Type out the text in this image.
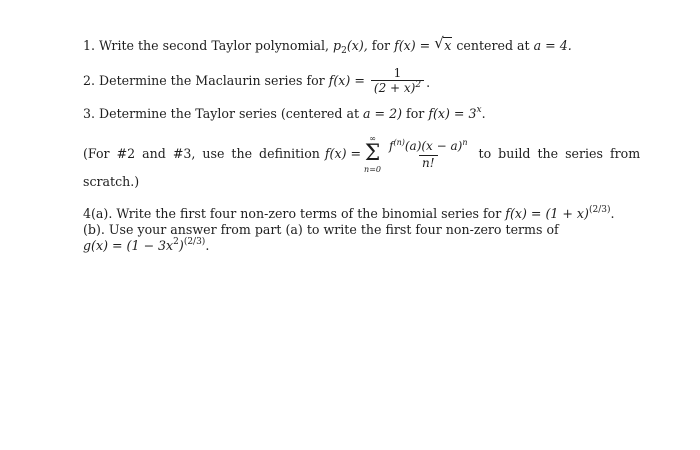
1. Write the second Taylor polynomial, $p_2(x)$, for f(x) = √ x centered at a = 4.
2. Determine the Maclaurin series for $f(x) = \frac{1}{(2 + x)^2}$ .
3. Determine the Taylor series (centered at a = 2) for $f(x) = 3^x$.
(For #2 and #3, use the definition f(x) =
∞
Σ
$n=0 \frac{f^{(n)}(a)(x - a)^n}{n!}$ to build the series from
scratch.)
4(a). Write the first four non-zero terms of the binomial series for $f(x) = (1 + x)^{(2/3)}$.
(b). Use your answer from part (a) to write the first four non-zero terms of
$g(x) = (1 - 3x^2)^{(2/3)}$.
